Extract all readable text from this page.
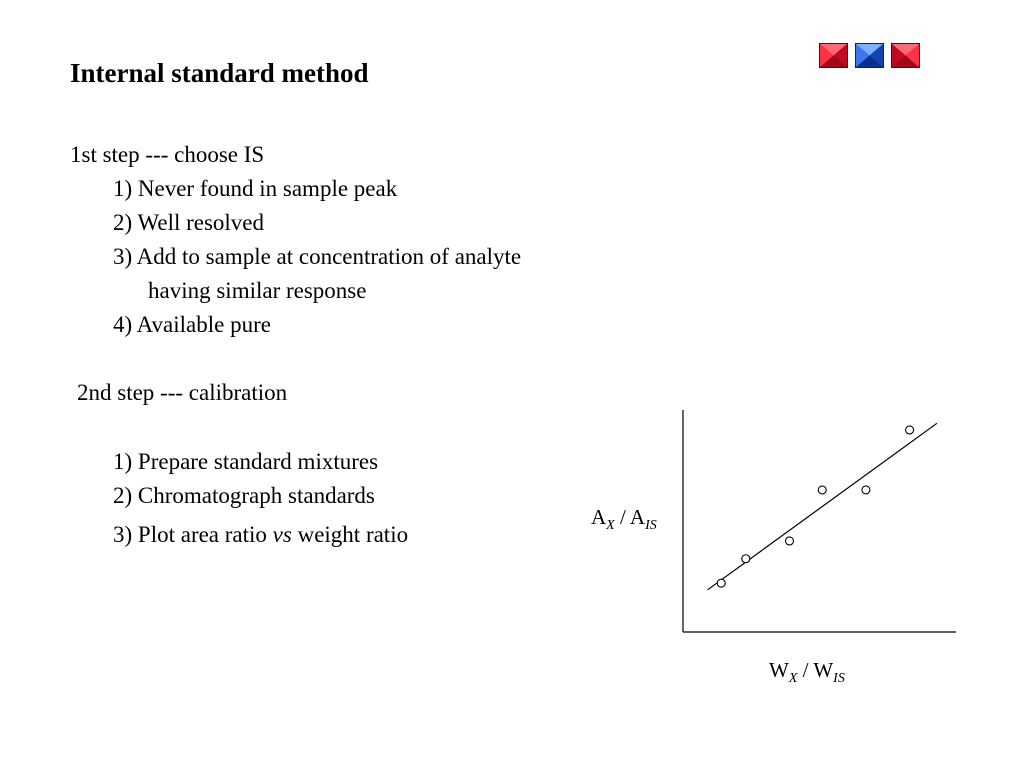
Internal standard method
1st step --- choose IS
1) Never found in sample peak
2) Well resolved
3) Add to sample at concentration of analyte
having similar response
4) Available pure
2nd step --- calibration
1) Prepare standard mixtures
2) Chromatograph standards
3) Plot area ratio vs weight ratio
$A_X / A_{IS}$
$W_X / W_{IS}$
